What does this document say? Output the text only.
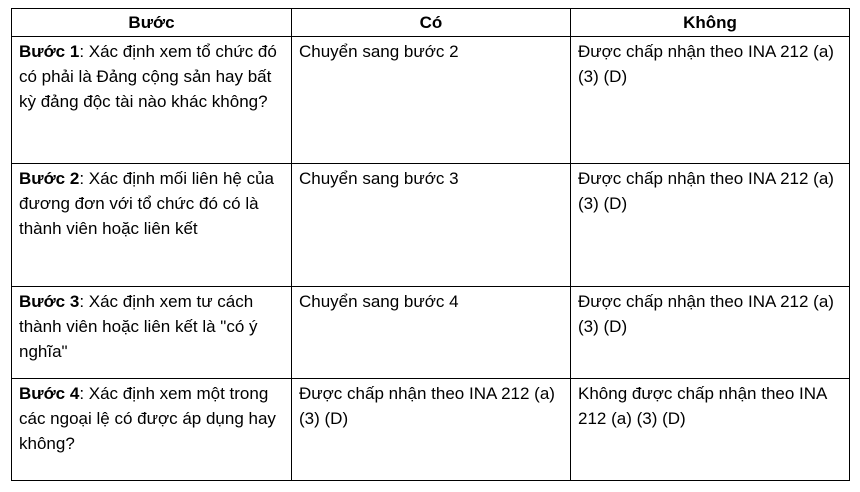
Bước	Có	Không
Bước 1: Xác định xem tổ chức đó có phải là Đảng cộng sản hay bất kỳ đảng độc tài nào khác không?	Chuyển sang bước 2	Được chấp nhận theo INA 212 (a) (3) (D)
Bước 2: Xác định mối liên hệ của đương đơn với tổ chức đó có là thành viên hoặc liên kết	Chuyển sang bước 3	Được chấp nhận theo INA 212 (a) (3) (D)
Bước 3: Xác định xem tư cách thành viên hoặc liên kết là "có ý nghĩa"	Chuyển sang bước 4	Được chấp nhận theo INA 212 (a) (3) (D)
Bước 4: Xác định xem một trong các ngoại lệ có được áp dụng hay không?	Được chấp nhận theo INA 212 (a) (3) (D)	Không được chấp nhận theo INA 212 (a) (3) (D)
